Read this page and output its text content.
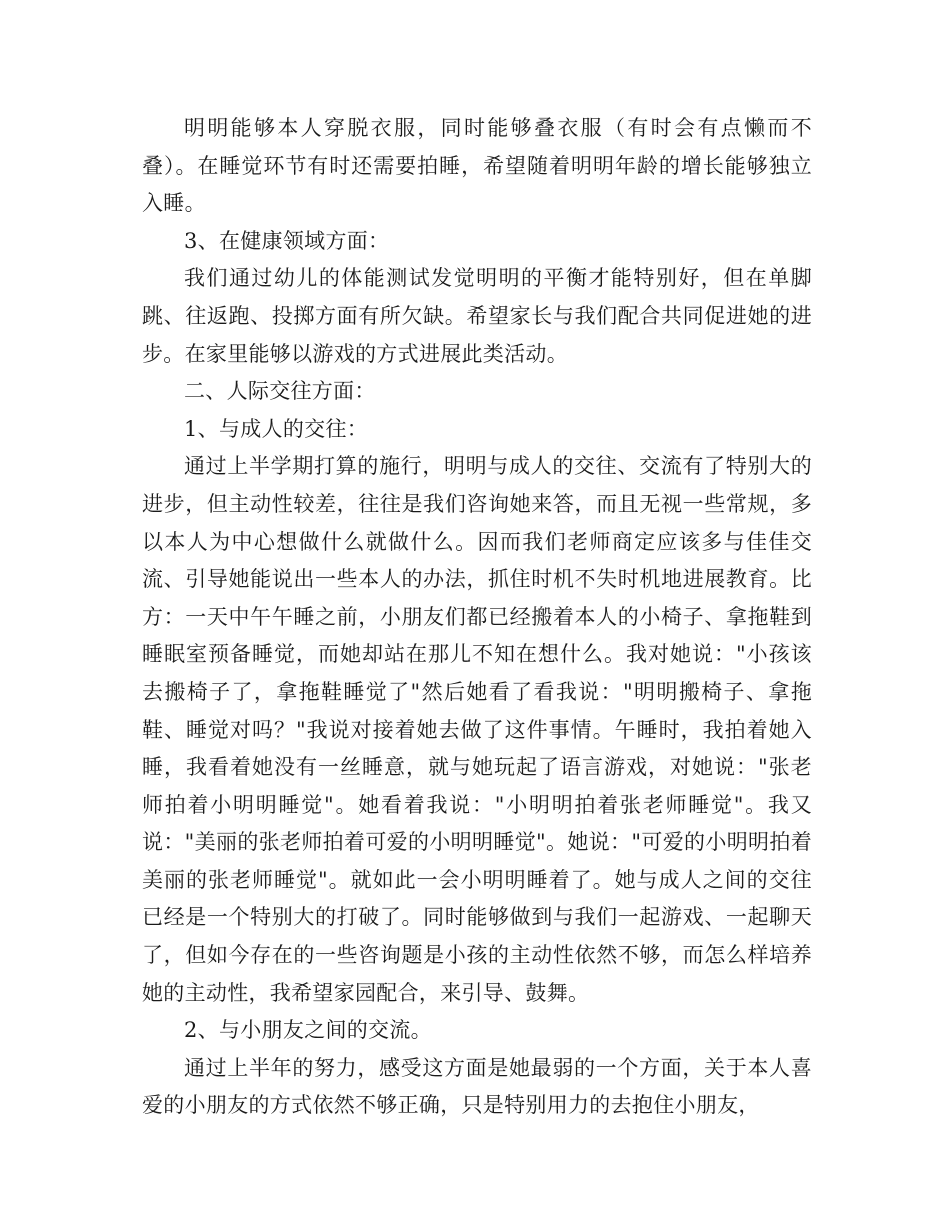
明明能够本人穿脱衣服，同时能够叠衣服（有时会有点懒而不叠）。在睡觉环节有时还需要拍睡，希望随着明明年龄的增长能够独立入睡。

3、在健康领域方面：

我们通过幼儿的体能测试发觉明明的平衡才能特别好，但在单脚跳、往返跑、投掷方面有所欠缺。希望家长与我们配合共同促进她的进步。在家里能够以游戏的方式进展此类活动。

二、人际交往方面：

1、与成人的交往：

通过上半学期打算的施行，明明与成人的交往、交流有了特别大的进步，但主动性较差，往往是我们咨询她来答，而且无视一些常规，多以本人为中心想做什么就做什么。因而我们老师商定应该多与佳佳交流、引导她能说出一些本人的办法，抓住时机不失时机地进展教育。比方：一天中午午睡之前，小朋友们都已经搬着本人的小椅子、拿拖鞋到睡眠室预备睡觉，而她却站在那儿不知在想什么。我对她说："小孩该去搬椅子了，拿拖鞋睡觉了"然后她看了看我说："明明搬椅子、拿拖鞋、睡觉对吗？"我说对接着她去做了这件事情。午睡时，我拍着她入睡，我看着她没有一丝睡意，就与她玩起了语言游戏，对她说："张老师拍着小明明睡觉"。她看着我说："小明明拍着张老师睡觉"。我又说："美丽的张老师拍着可爱的小明明睡觉"。她说："可爱的小明明拍着美丽的张老师睡觉"。就如此一会小明明睡着了。她与成人之间的交往已经是一个特别大的打破了。同时能够做到与我们一起游戏、一起聊天了，但如今存在的一些咨询题是小孩的主动性依然不够，而怎么样培养她的主动性，我希望家园配合，来引导、鼓舞。

2、与小朋友之间的交流。

通过上半年的努力，感受这方面是她最弱的一个方面，关于本人喜爱的小朋友的方式依然不够正确，只是特别用力的去抱住小朋友，
